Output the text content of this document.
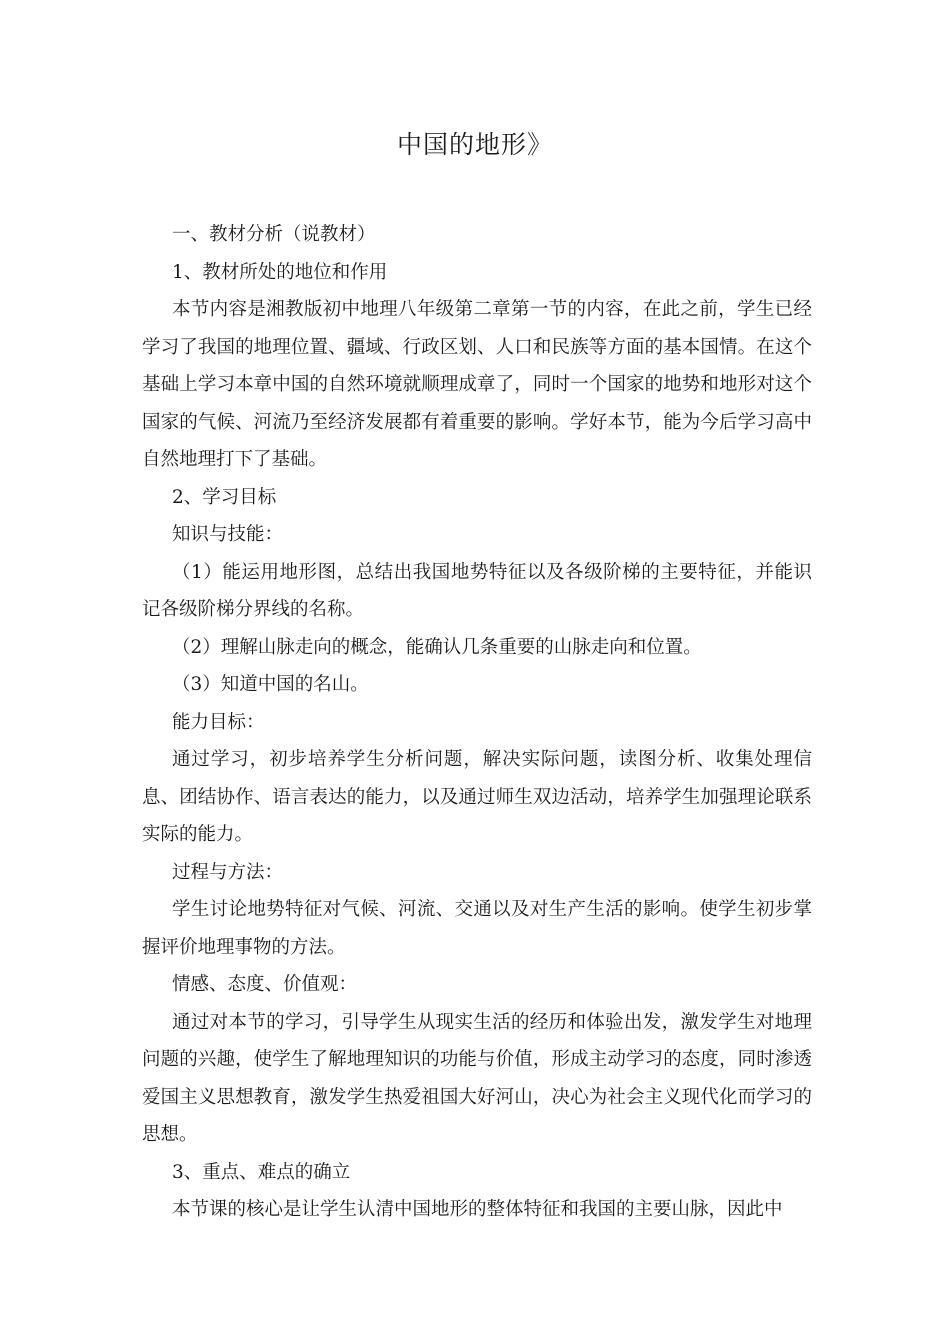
中国的地形》

一、教材分析（说教材）

1、教材所处的地位和作用

本节内容是湘教版初中地理八年级第二章第一节的内容，在此之前，学生已经学习了我国的地理位置、疆域、行政区划、人口和民族等方面的基本国情。在这个基础上学习本章中国的自然环境就顺理成章了，同时一个国家的地势和地形对这个国家的气候、河流乃至经济发展都有着重要的影响。学好本节，能为今后学习高中自然地理打下了基础。

2、学习目标

知识与技能：

（1）能运用地形图，总结出我国地势特征以及各级阶梯的主要特征，并能识记各级阶梯分界线的名称。

（2）理解山脉走向的概念，能确认几条重要的山脉走向和位置。

（3）知道中国的名山。

能力目标：

通过学习，初步培养学生分析问题，解决实际问题，读图分析、收集处理信息、团结协作、语言表达的能力，以及通过师生双边活动，培养学生加强理论联系实际的能力。

过程与方法：

学生讨论地势特征对气候、河流、交通以及对生产生活的影响。使学生初步掌握评价地理事物的方法。

情感、态度、价值观：

通过对本节的学习，引导学生从现实生活的经历和体验出发，激发学生对地理问题的兴趣，使学生了解地理知识的功能与价值，形成主动学习的态度，同时渗透爱国主义思想教育，激发学生热爱祖国大好河山，决心为社会主义现代化而学习的思想。

3、重点、难点的确立

本节课的核心是让学生认清中国地形的整体特征和我国的主要山脉，因此中
